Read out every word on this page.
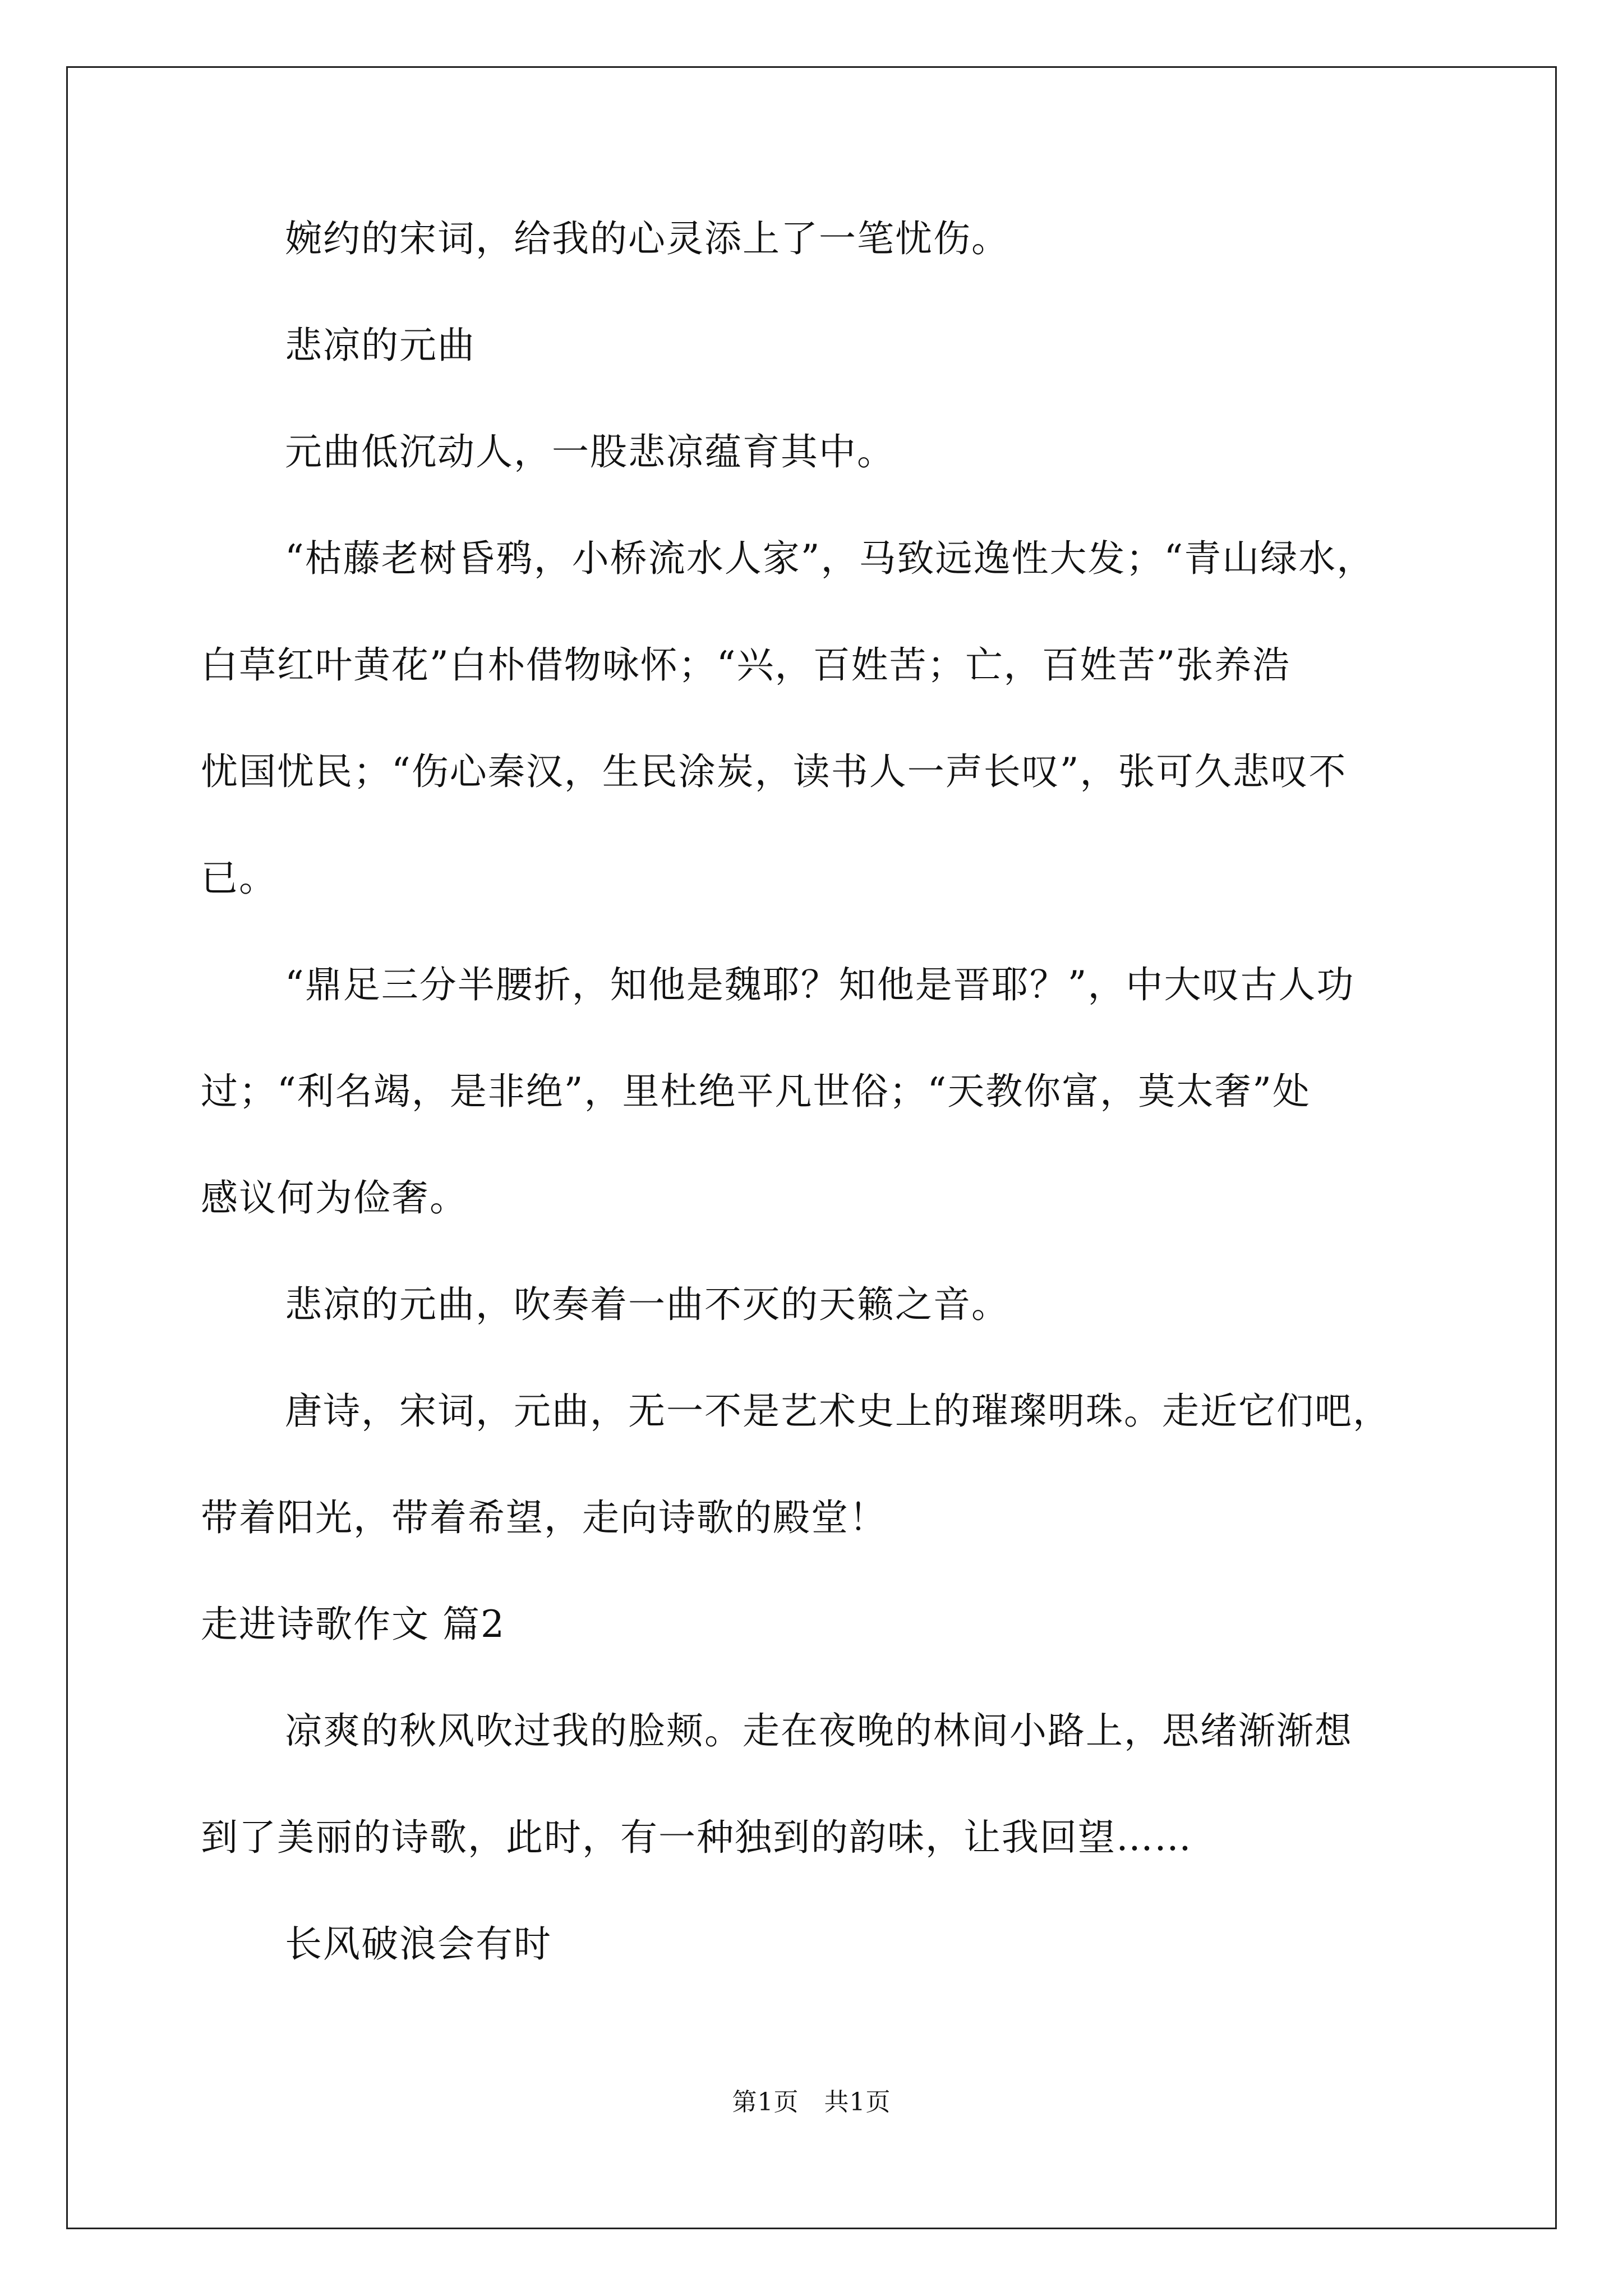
婉约的宋词，给我的心灵添上了一笔忧伤。

悲凉的元曲

元曲低沉动人，一股悲凉蕴育其中。

“枯藤老树昏鸦，小桥流水人家”，马致远逸性大发；“青山绿水，

白草红叶黄花”白朴借物咏怀；“兴，百姓苦；亡，百姓苦”张养浩

忧国忧民；“伤心秦汉，生民涂炭，读书人一声长叹”，张可久悲叹不

已。

“鼎足三分半腰折，知他是魏耶？知他是晋耶？”，中大叹古人功

过；“利名竭，是非绝”，里杜绝平凡世俗；“天教你富，莫太奢”处

感议何为俭奢。

悲凉的元曲，吹奏着一曲不灭的天籁之音。

唐诗，宋词，元曲，无一不是艺术史上的璀璨明珠。走近它们吧，

带着阳光，带着希望，走向诗歌的殿堂！

走进诗歌作文 篇2

凉爽的秋风吹过我的脸颊。走在夜晚的林间小路上，思绪渐渐想

到了美丽的诗歌，此时，有一种独到的韵味，让我回望……

长风破浪会有时

第1页　共1页
